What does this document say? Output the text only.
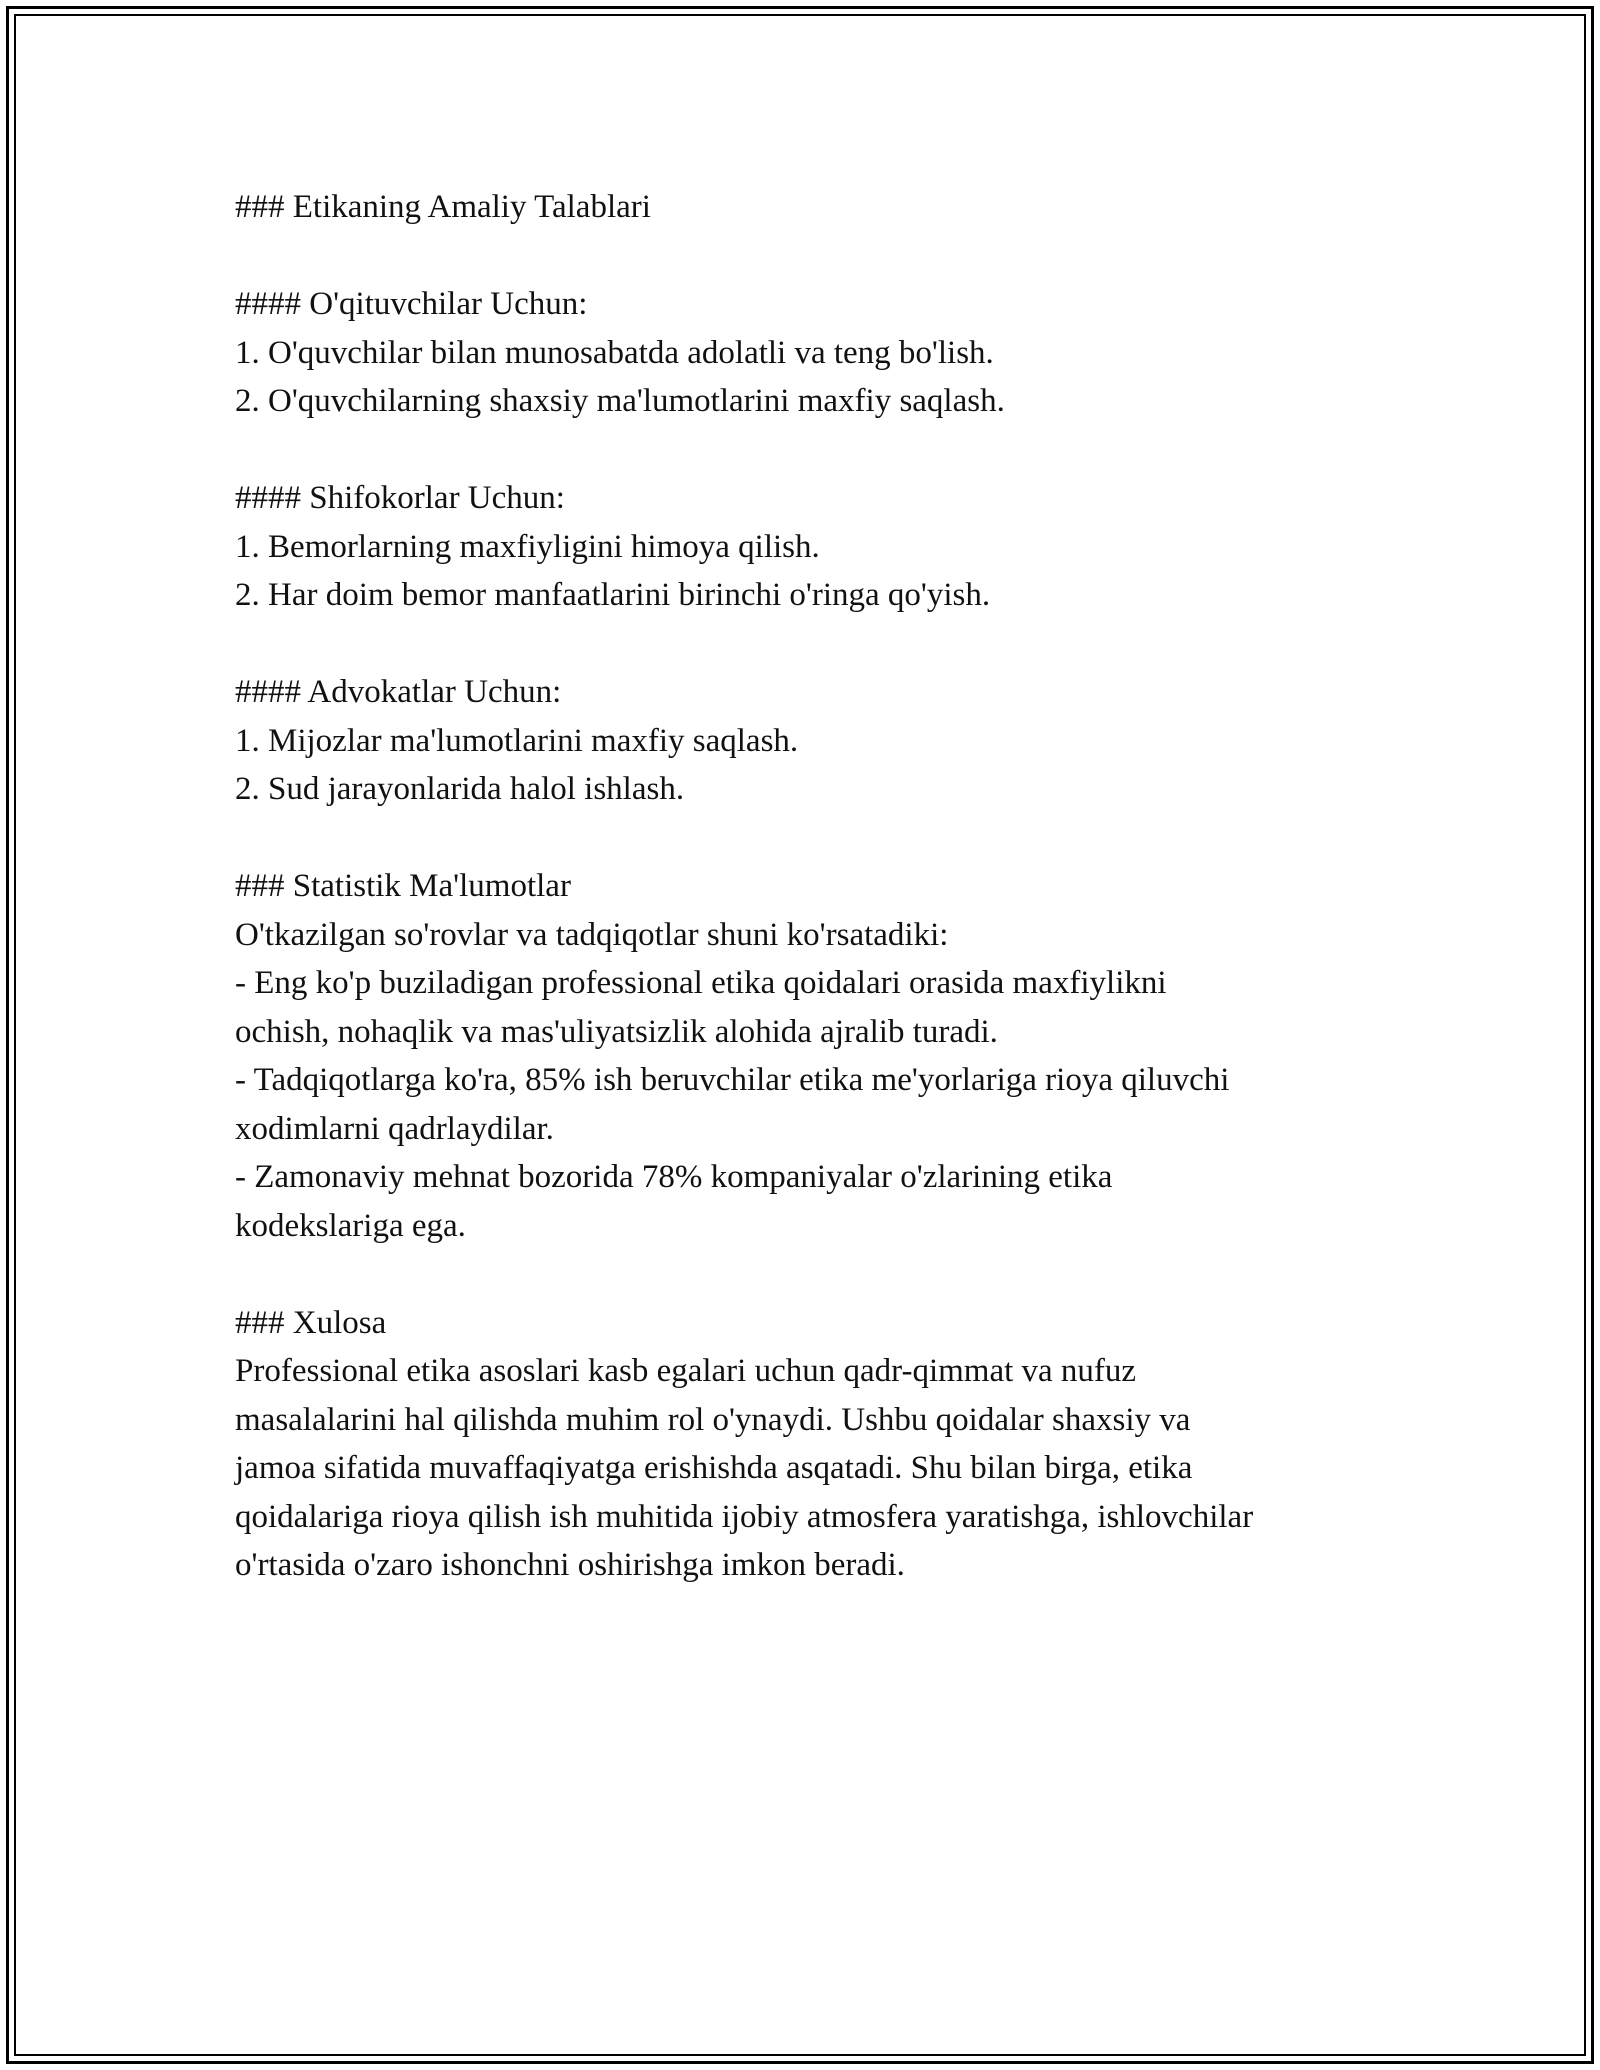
### Etikaning Amaliy Talablari
#### O'qituvchilar Uchun:
1. O'quvchilar bilan munosabatda adolatli va teng bo'lish.
2. O'quvchilarning shaxsiy ma'lumotlarini maxfiy saqlash.
#### Shifokorlar Uchun:
1. Bemorlarning maxfiyligini himoya qilish.
2. Har doim bemor manfaatlarini birinchi o'ringa qo'yish.
#### Advokatlar Uchun:
1. Mijozlar ma'lumotlarini maxfiy saqlash.
2. Sud jarayonlarida halol ishlash.
### Statistik Ma'lumotlar
O'tkazilgan so'rovlar va tadqiqotlar shuni ko'rsatadiki:
- Eng ko'p buziladigan professional etika qoidalari orasida maxfiylikni
ochish, nohaqlik va mas'uliyatsizlik alohida ajralib turadi.
- Tadqiqotlarga ko'ra, 85% ish beruvchilar etika me'yorlariga rioya qiluvchi
xodimlarni qadrlaydilar.
- Zamonaviy mehnat bozorida 78% kompaniyalar o'zlarining etika
kodekslariga ega.
### Xulosa
Professional etika asoslari kasb egalari uchun qadr-qimmat va nufuz
masalalarini hal qilishda muhim rol o'ynaydi. Ushbu qoidalar shaxsiy va
jamoa sifatida muvaffaqiyatga erishishda asqatadi. Shu bilan birga, etika
qoidalariga rioya qilish ish muhitida ijobiy atmosfera yaratishga, ishlovchilar
o'rtasida o'zaro ishonchni oshirishga imkon beradi.
